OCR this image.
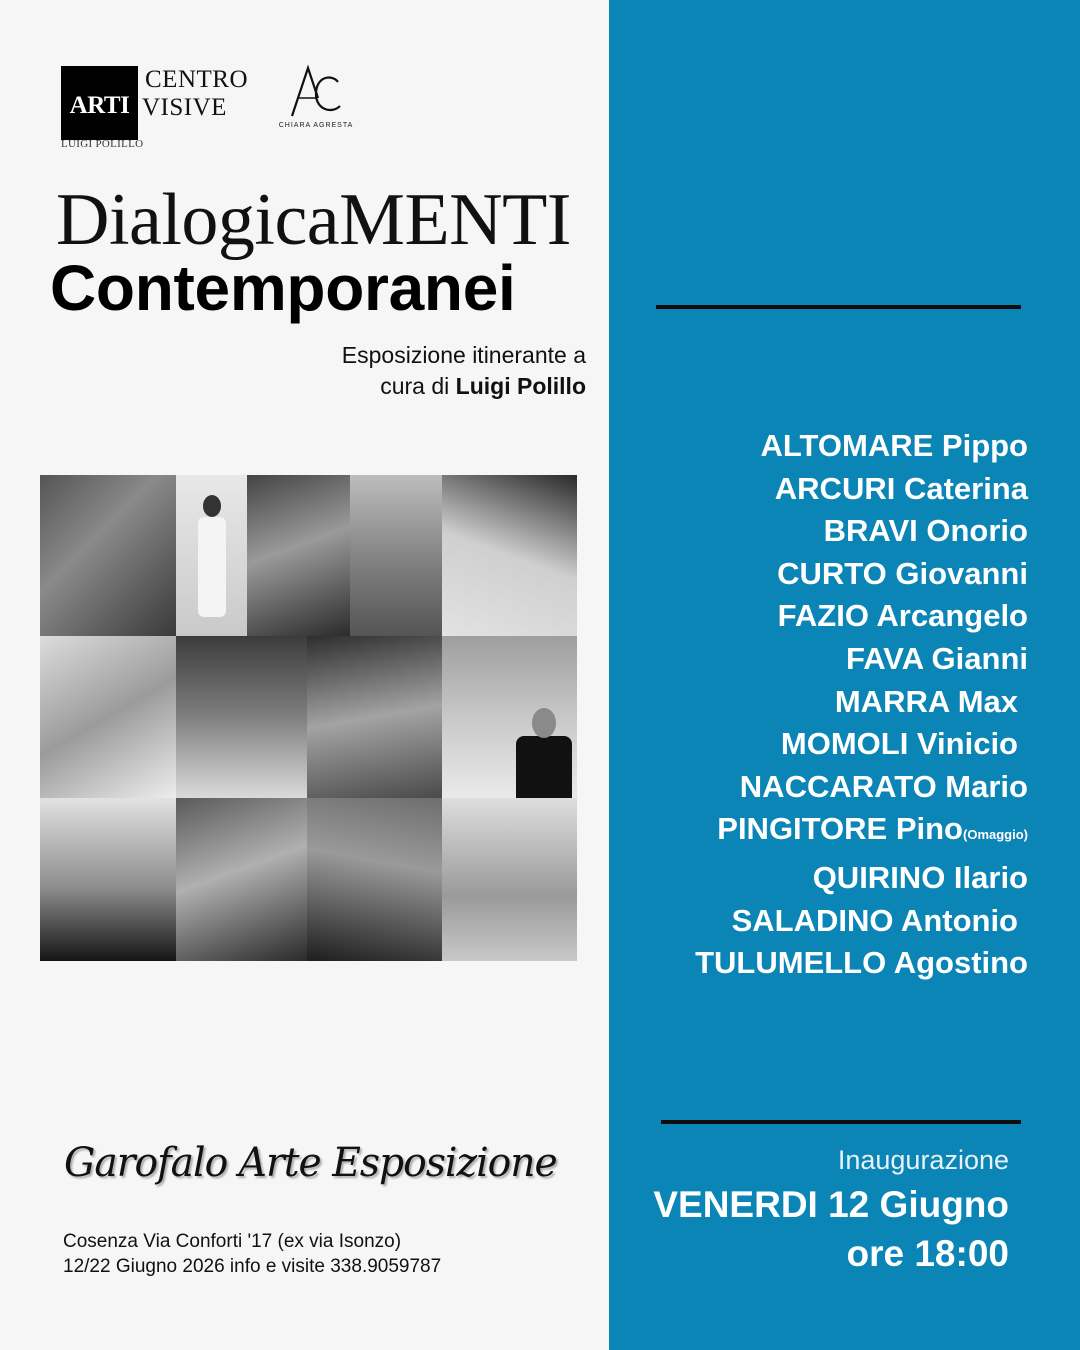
ARTI
CENTRO
VISIVE
LUIGI POLILLO
CHIARA AGRESTA
DialogicaMENTI
Contemporanei
Esposizione itinerante a
cura di Luigi Polillo
Garofalo Arte Esposizione
Cosenza Via Conforti '17 (ex via Isonzo)
12/22 Giugno 2026 info e visite 338.9059787
ALTOMARE Pippo
ARCURI Caterina
BRAVI Onorio
CURTO Giovanni
FAZIO Arcangelo
FAVA Gianni
MARRA Max
MOMOLI Vinicio
NACCARATO Mario
PINGITORE Pino(Omaggio)
QUIRINO Ilario
SALADINO Antonio
TULUMELLO Agostino
Inaugurazione
VENERDI 12 Giugno
ore 18:00
